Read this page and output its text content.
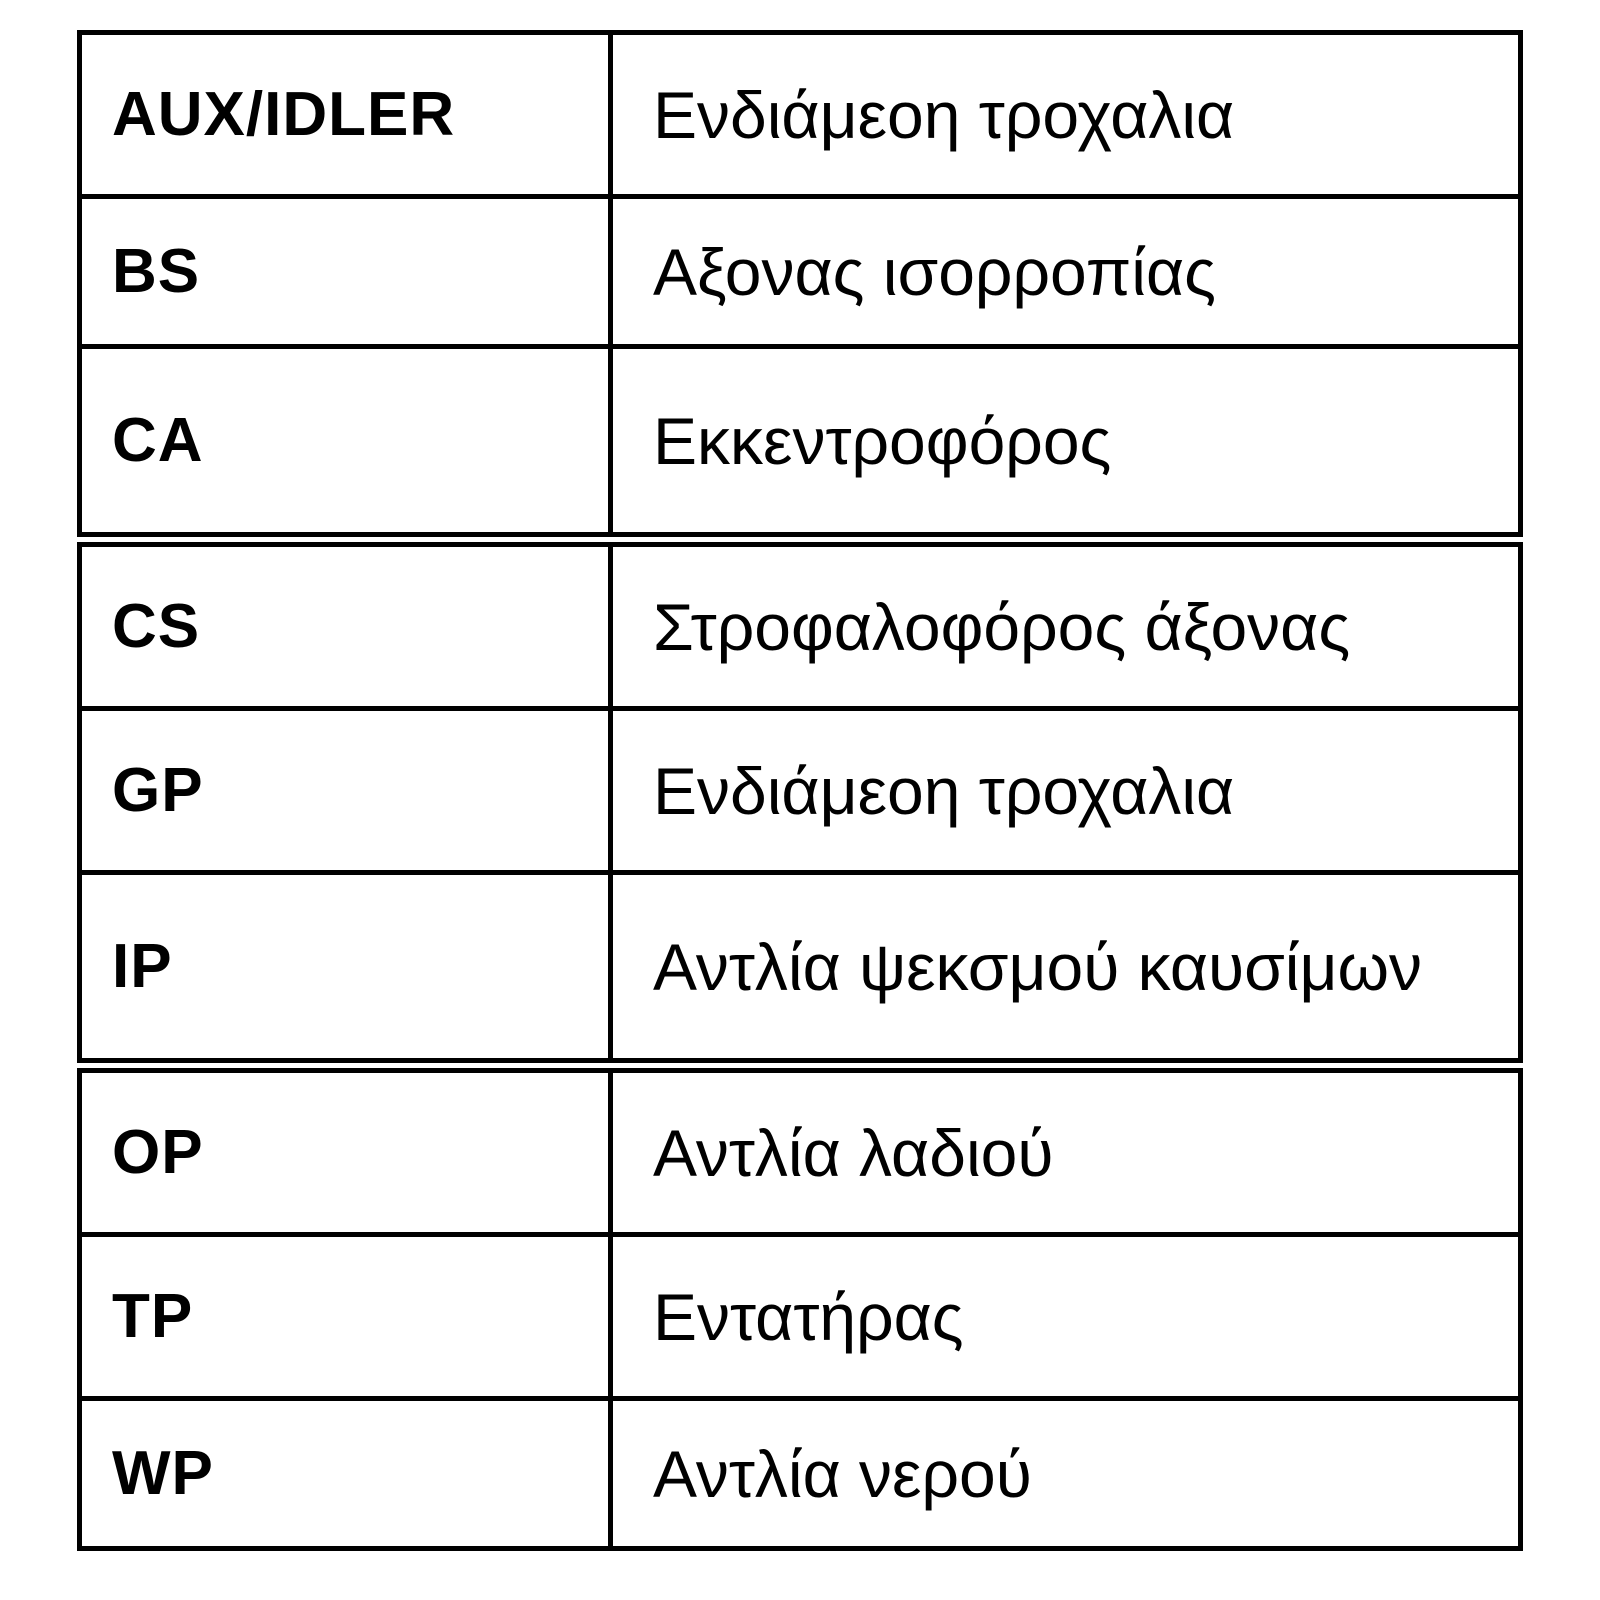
AUX/IDLER	Ενδιάμεοη τροχαλια
BS	Αξονας ισορροπίας
CA	Εκκεντροφόρος
CS	Στροφαλοφόρος άξονας
GP	Ενδιάμεοη τροχαλια
IP	Αντλία ψεκσμού καυσίμων
OP	Αντλία λαδιού
TP	Εντατήρας
WP	Αντλία νερού
